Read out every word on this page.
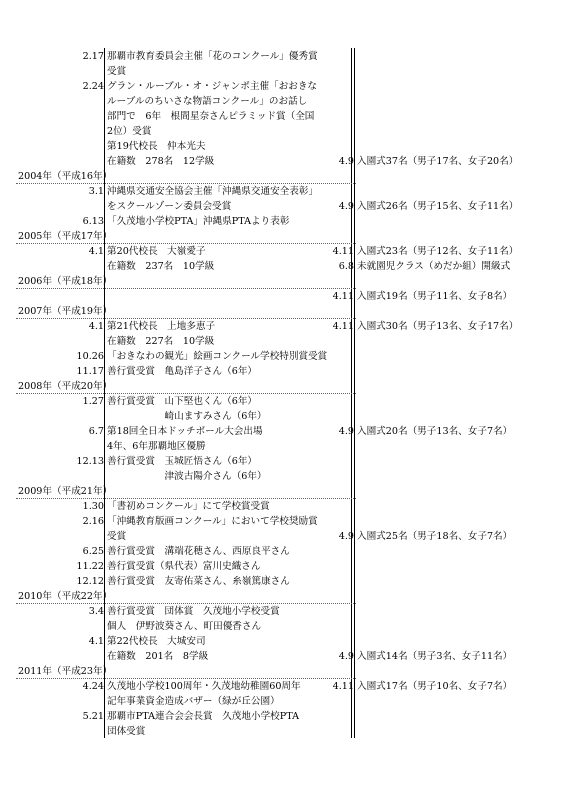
2.17 那覇市教育委員会主催「花のコンクール」優秀賞
受賞
2.24 グラン・ルーブル・オ・ジャンボ主催「おおきな
ルーブルのちいさな物語コンクール」のお話し
部門で　6年　根間星奈さんピラミッド賞（全国
2位）受賞
第19代校長　仲本光夫
在籍数　278名　12学級	4.9 入園式37名（男子17名、女子20名）
2004年（平成16年）
3.1 沖縄県交通安全協会主催「沖縄県交通安全表彰」
をスクールゾーン委員会受賞	4.9 入園式26名（男子15名、女子11名）
6.13 「久茂地小学校PTA」沖縄県PTAより表彰
2005年（平成17年）
4.1 第20代校長　大嶺愛子	4.11 入園式23名（男子12名、女子11名）
在籍数　237名　10学級	6.8 未就園児クラス（めだか組）開級式
2006年（平成18年）
4.11 入園式19名（男子11名、女子8名）
2007年（平成19年）
4.1 第21代校長　上地多恵子	4.11 入園式30名（男子13名、女子17名）
在籍数　227名　10学級
10.26 「おきなわの観光」絵画コンクール学校特別賞受賞
11.17 善行賞受賞　亀島洋子さん（6年）
2008年（平成20年）
1.27 善行賞受賞　山下堅也くん（6年）
　　　　　　崎山ますみさん（6年）
6.7 第18回全日本ドッチボール大会出場	4.9 入園式20名（男子13名、女子7名）
4年、6年那覇地区優勝
12.13 善行賞受賞　玉城匠悟さん（6年）
　　　　　　津波古陽介さん（6年）
2009年（平成21年）
1.30 「書初めコンクール」にて学校賞受賞
2.16 「沖縄教育版画コンクール」において学校奨励賞
受賞	4.9 入園式25名（男子18名、女子7名）
6.25 善行賞受賞　溝端花穂さん、西原良平さん
11.22 善行賞受賞（県代表）富川史織さん
12.12 善行賞受賞　友寄佑菜さん、糸嶺篤康さん
2010年（平成22年）
3.4 善行賞受賞　団体賞　久茂地小学校受賞
個人　伊野波葵さん、町田優香さん
4.1 第22代校長　大城安司
在籍数　201名　8学級	4.9 入園式14名（男子3名、女子11名）
2011年（平成23年）
4.24 久茂地小学校100周年・久茂地幼稚園60周年	4.11 入園式17名（男子10名、女子7名）
記年事業資金造成バザー（緑が丘公園）
5.21 那覇市PTA連合会会長賞　久茂地小学校PTA
団体受賞
